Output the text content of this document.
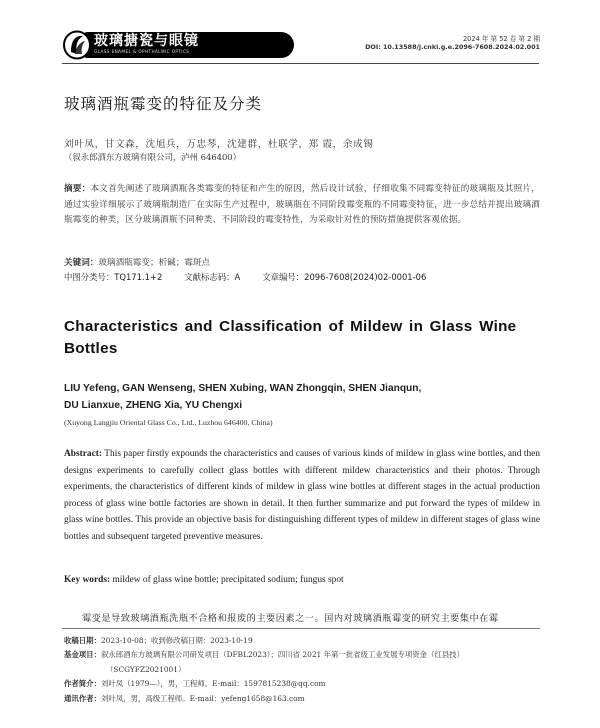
玻璃搪瓷与眼镜
GLASS ENAMEL & OPHTHALMIC OPTICS
2024 年 第 52 卷 第 2 期
DOI: 10.13588/j.cnki.g.e.2096-7608.2024.02.001
玻璃酒瓶霉变的特征及分类
刘叶凤，甘文森，沈旭兵，万忠琴，沈建群，杜联学，郑 霞，余成锡
（叙永郎酒东方玻璃有限公司，泸州 646400）
摘要：本文首先阐述了玻璃酒瓶各类霉变的特征和产生的原因，然后设计试验，仔细收集不同霉变特征的玻璃瓶及其照片，通过实验详细展示了玻璃瓶制造厂在实际生产过程中，玻璃瓶在不同阶段霉变瓶的不同霉变特征，进一步总结并提出玻璃酒瓶霉变的种类，区分玻璃酒瓶不同种类、不同阶段的霉变特性，为采取针对性的预防措施提供客观依据。
关键词：玻璃酒瓶霉变；析碱；霉斑点
中图分类号：TQ171.1+2	文献标志码：A	文章编号：2096-7608(2024)02-0001-06
Characteristics and Classification of Mildew in Glass Wine Bottles
LIU Yefeng, GAN Wenseng, SHEN Xubing, WAN Zhongqin, SHEN Jianqun,
DU Lianxue, ZHENG Xia, YU Chengxi
(Xuyong Langjiu Oriental Glass Co., Ltd., Luzhou 646400, China)
Abstract: This paper firstly expounds the characteristics and causes of various kinds of mildew in glass wine bottles, and then designs experiments to carefully collect glass bottles with different mildew characteristics and their photos. Through experiments, the characteristics of different kinds of mildew in glass wine bottles at different stages in the actual production process of glass wine bottle factories are shown in detail. It then further summarize and put forward the types of mildew in glass wine bottles. This provide an objective basis for distinguishing different types of mildew in different stages of glass wine bottles and subsequent targeted preventive measures.
Key words: mildew of glass wine bottle; precipitated sodium; fungus spot
霉变是导致玻璃酒瓶洗瓶不合格和报废的主要因素之一。国内对玻璃酒瓶霉变的研究主要集中在霉
收稿日期：2023-10-08；收到修改稿日期：2023-10-19
基金项目：叙永郎酒东方玻璃有限公司研发项目（DFBL2023）；四川省 2021 年第一批省级工业发展专项资金（红县技）
（SCGYFZ2021001）
作者简介：刘叶凤（1979—），男，工程师。E-mail：1597815238@qq.com
通讯作者：刘叶凤，男，高级工程师。E-mail：yefeng1658@163.com
